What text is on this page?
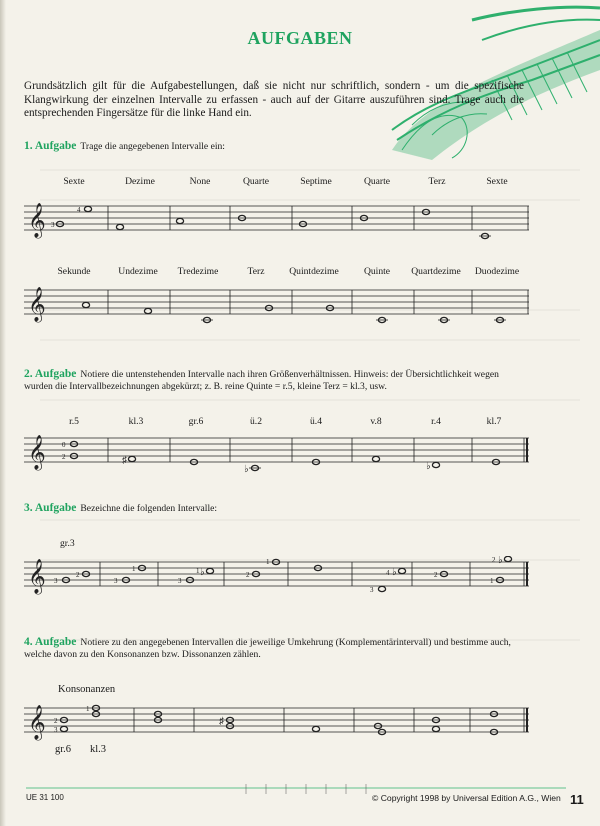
AUFGABEN
Grundsätzlich gilt für die Aufgabestellungen, daß sie nicht nur schriftlich, sondern - um die spezifische Klangwirkung der einzelnen Intervalle zu erfassen - auch auf der Gitarre auszuführen sind. Trage auch die entsprechenden Fingersätze für die linke Hand ein.
1. Aufgabe Trage die angegebenen Intervalle ein:
Sexte	Dezime	None	Quarte	Septime	Quarte	Terz	Sexte
𝄞	4
3
Sekunde	Undezime Tredezime	Terz	Quintdezime	Quinte Quartdezime Duodezime
𝄞
2. Aufgabe Notiere die untenstehenden Intervalle nach ihren Größenverhältnissen. Hinweis: der Übersichtlichkeit wegen wurden die Intervallbezeichnungen abgekürzt; z. B. reine Quinte = r.5, kleine Terz = kl.3, usw.
r.5	kl.3	gr.6	ü.2	ü.4	v.8	r.4	kl.7
𝄞	♯
♭	♭
0
2
3. Aufgabe Bezeichne die folgenden Intervalle:
gr.3
𝄞	♭	♭
♭
3
2
3
1
3
1	2
1
3
4	2
1
2
4. Aufgabe Notiere zu den angegebenen Intervallen die jeweilige Umkehrung (Komplementärintervall) und bestimme auch, welche davon zu den Konsonanzen bzw. Dissonanzen zählen.
Konsonanzen
𝄞	♯
2
3
1
gr.6 kl.3
UE 31 100	© Copyright 1998 by Universal Edition A.G., Wien 11
